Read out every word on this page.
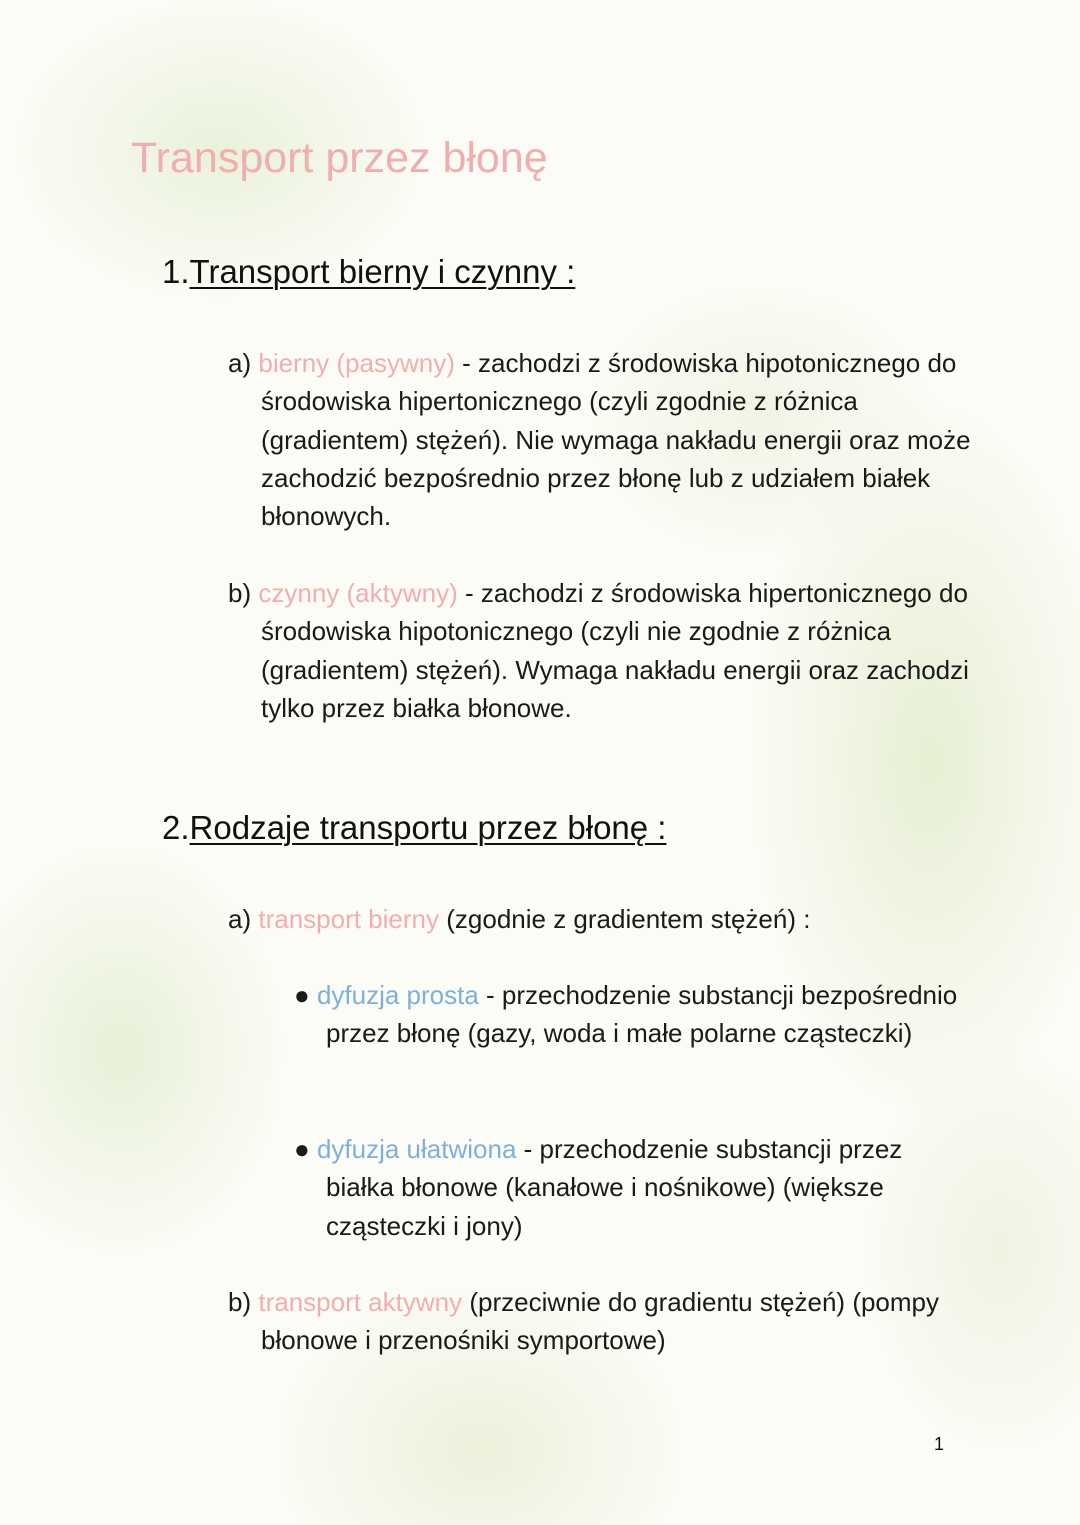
Transport przez błonę
1.Transport bierny i czynny :

a) bierny (pasywny) - zachodzi z środowiska hipotonicznego do środowiska hipertonicznego (czyli zgodnie z różnica (gradientem) stężeń). Nie wymaga nakładu energii oraz może zachodzić bezpośrednio przez błonę lub z udziałem białek błonowych.

b) czynny (aktywny) - zachodzi z środowiska hipertonicznego do środowiska hipotonicznego (czyli nie zgodnie z różnica (gradientem) stężeń). Wymaga nakładu energii oraz zachodzi tylko przez białka błonowe.

2.Rodzaje transportu przez błonę :

a) transport bierny (zgodnie z gradientem stężeń) :

● dyfuzja prosta - przechodzenie substancji bezpośrednio przez błonę (gazy, woda i małe polarne cząsteczki)

● dyfuzja ułatwiona - przechodzenie substancji przez białka błonowe (kanałowe i nośnikowe) (większe cząsteczki i jony)

b) transport aktywny (przeciwnie do gradientu stężeń) (pompy błonowe i przenośniki symportowe)

1
